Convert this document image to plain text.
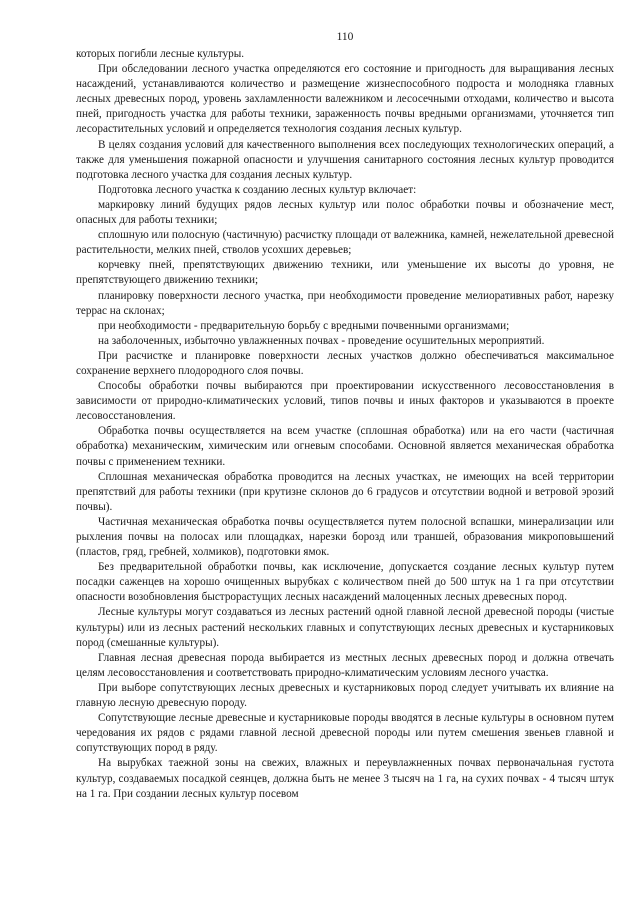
110

которых погибли лесные культуры.

При обследовании лесного участка определяются его состояние и пригодность для выращивания лесных насаждений, устанавливаются количество и размещение жизнеспособного подроста и молодняка главных лесных древесных пород, уровень захламленности валежником и лесосечными отходами, количество и высота пней, пригодность участка для работы техники, зараженность почвы вредными организмами, уточняется тип лесорастительных условий и определяется технология создания лесных культур.

В целях создания условий для качественного выполнения всех последующих технологических операций, а также для уменьшения пожарной опасности и улучшения санитарного состояния лесных культур проводится подготовка лесного участка для создания лесных культур.

Подготовка лесного участка к созданию лесных культур включает:

маркировку линий будущих рядов лесных культур или полос обработки почвы и обозначение мест, опасных для работы техники;

сплошную или полосную (частичную) расчистку площади от валежника, камней, нежелательной древесной растительности, мелких пней, стволов усохших деревьев;

корчевку пней, препятствующих движению техники, или уменьшение их высоты до уровня, не препятствующего движению техники;

планировку поверхности лесного участка, при необходимости проведение мелиоративных работ, нарезку террас на склонах;

при необходимости - предварительную борьбу с вредными почвенными организмами;

на заболоченных, избыточно увлажненных почвах - проведение осушительных мероприятий.

При расчистке и планировке поверхности лесных участков должно обеспечиваться максимальное сохранение верхнего плодородного слоя почвы.

Способы обработки почвы выбираются при проектировании искусственного лесовосстановления в зависимости от природно-климатических условий, типов почвы и иных факторов и указываются в проекте лесовосстановления.

Обработка почвы осуществляется на всем участке (сплошная обработка) или на его части (частичная обработка) механическим, химическим или огневым способами. Основной является механическая обработка почвы с применением техники.

Сплошная механическая обработка проводится на лесных участках, не имеющих на всей территории препятствий для работы техники (при крутизне склонов до 6 градусов и отсутствии водной и ветровой эрозий почвы).

Частичная механическая обработка почвы осуществляется путем полосной вспашки, минерализации или рыхления почвы на полосах или площадках, нарезки борозд или траншей, образования микроповышений (пластов, гряд, гребней, холмиков), подготовки ямок.

Без предварительной обработки почвы, как исключение, допускается создание лесных культур путем посадки саженцев на хорошо очищенных вырубках с количеством пней до 500 штук на 1 га при отсутствии опасности возобновления быстрорастущих лесных насаждений малоценных лесных древесных пород.

Лесные культуры могут создаваться из лесных растений одной главной лесной древесной породы (чистые культуры) или из лесных растений нескольких главных и сопутствующих лесных древесных и кустарниковых пород (смешанные культуры).

Главная лесная древесная порода выбирается из местных лесных древесных пород и должна отвечать целям лесовосстановления и соответствовать природно-климатическим условиям лесного участка.

При выборе сопутствующих лесных древесных и кустарниковых пород следует учитывать их влияние на главную лесную древесную породу.

Сопутствующие лесные древесные и кустарниковые породы вводятся в лесные культуры в основном путем чередования их рядов с рядами главной лесной древесной породы или путем смешения звеньев главной и сопутствующих пород в ряду.

На вырубках таежной зоны на свежих, влажных и переувлажненных почвах первоначальная густота культур, создаваемых посадкой сеянцев, должна быть не менее 3 тысяч на 1 га, на сухих почвах - 4 тысяч штук на 1 га. При создании лесных культур посевом
